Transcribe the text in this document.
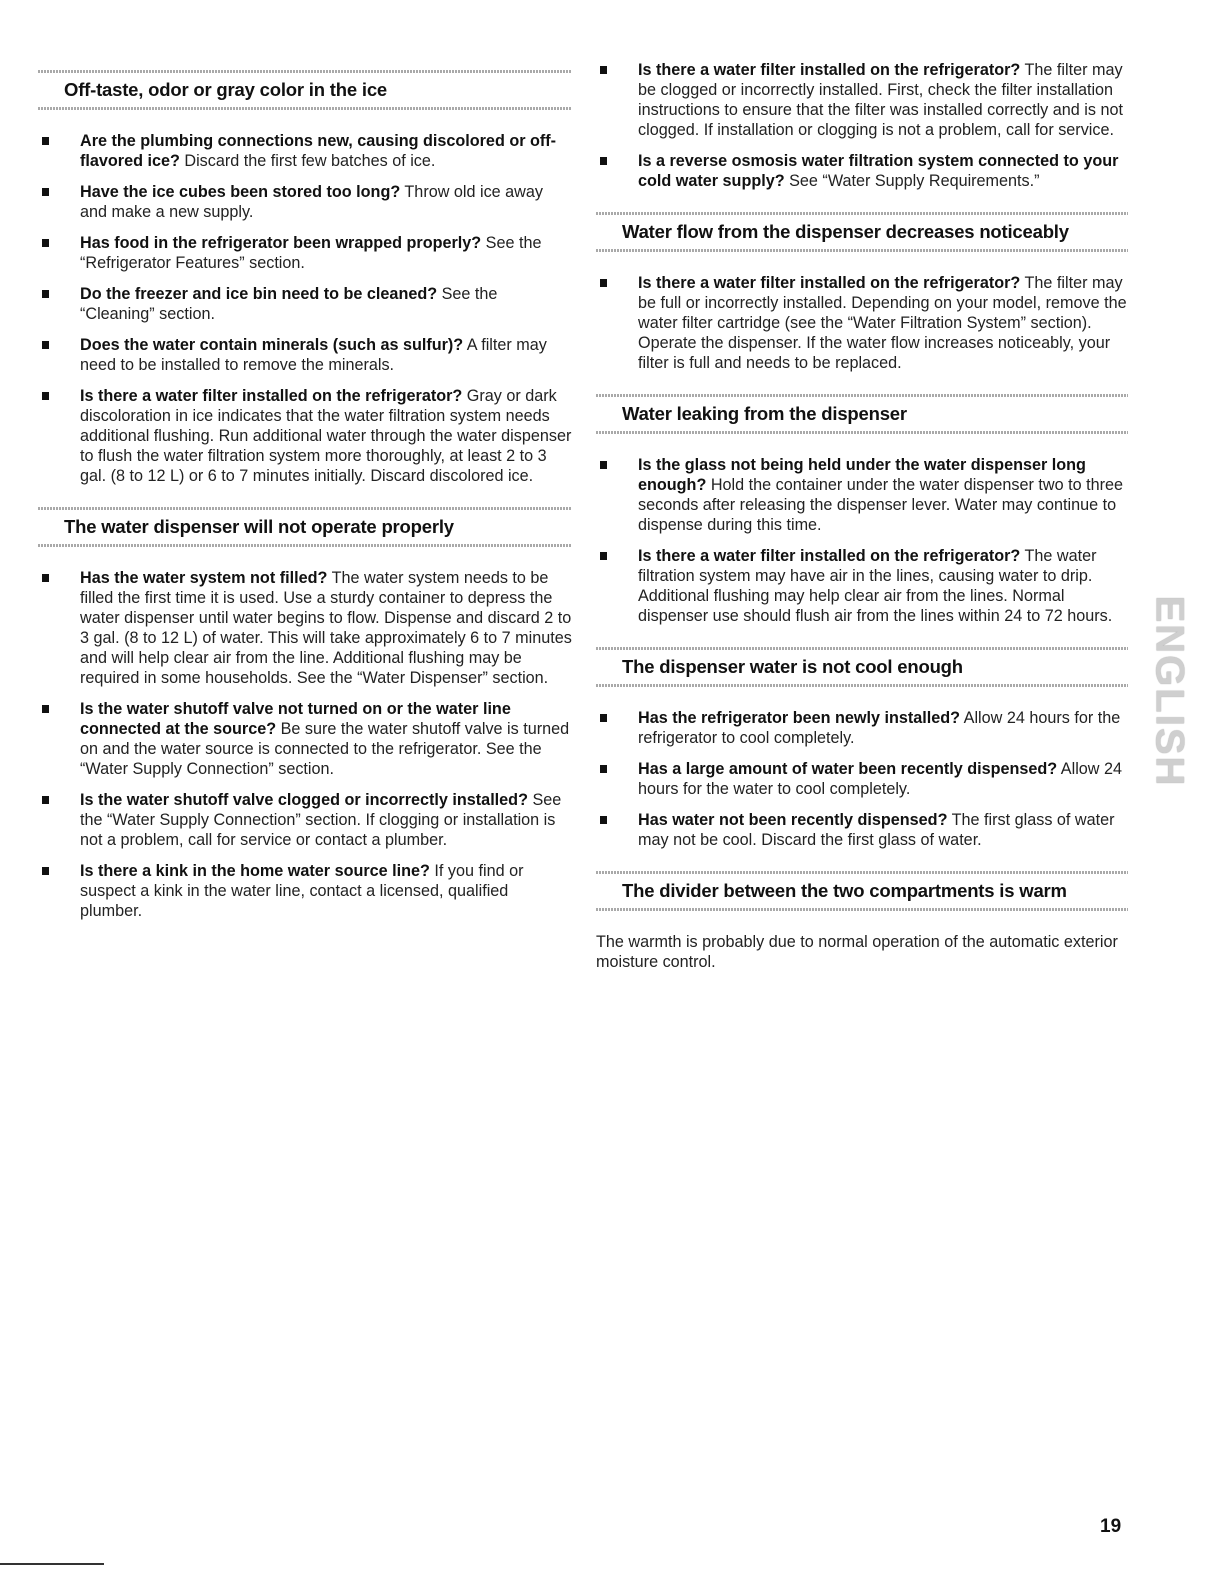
Off-taste, odor or gray color in the ice
Are the plumbing connections new, causing discolored or off-flavored ice? Discard the first few batches of ice.
Have the ice cubes been stored too long? Throw old ice away and make a new supply.
Has food in the refrigerator been wrapped properly? See the “Refrigerator Features” section.
Do the freezer and ice bin need to be cleaned? See the “Cleaning” section.
Does the water contain minerals (such as sulfur)? A filter may need to be installed to remove the minerals.
Is there a water filter installed on the refrigerator? Gray or dark discoloration in ice indicates that the water filtration system needs additional flushing. Run additional water through the water dispenser to flush the water filtration system more thoroughly, at least 2 to 3 gal. (8 to 12 L) or 6 to 7 minutes initially. Discard discolored ice.
The water dispenser will not operate properly
Has the water system not filled? The water system needs to be filled the first time it is used. Use a sturdy container to depress the water dispenser until water begins to flow. Dispense and discard 2 to 3 gal. (8 to 12 L) of water. This will take approximately 6 to 7 minutes and will help clear air from the line. Additional flushing may be required in some households. See the “Water Dispenser” section.
Is the water shutoff valve not turned on or the water line connected at the source? Be sure the water shutoff valve is turned on and the water source is connected to the refrigerator. See the “Water Supply Connection” section.
Is the water shutoff valve clogged or incorrectly installed? See the “Water Supply Connection” section. If clogging or installation is not a problem, call for service or contact a plumber.
Is there a kink in the home water source line? If you find or suspect a kink in the water line, contact a licensed, qualified plumber.
Is there a water filter installed on the refrigerator? The filter may be clogged or incorrectly installed. First, check the filter installation instructions to ensure that the filter was installed correctly and is not clogged. If installation or clogging is not a problem, call for service.
Is a reverse osmosis water filtration system connected to your cold water supply? See “Water Supply Requirements.”
Water flow from the dispenser decreases noticeably
Is there a water filter installed on the refrigerator? The filter may be full or incorrectly installed. Depending on your model, remove the water filter cartridge (see the “Water Filtration System” section). Operate the dispenser. If the water flow increases noticeably, your filter is full and needs to be replaced.
Water leaking from the dispenser
Is the glass not being held under the water dispenser long enough? Hold the container under the water dispenser two to three seconds after releasing the dispenser lever. Water may continue to dispense during this time.
Is there a water filter installed on the refrigerator? The water filtration system may have air in the lines, causing water to drip. Additional flushing may help clear air from the lines. Normal dispenser use should flush air from the lines within 24 to 72 hours.
The dispenser water is not cool enough
Has the refrigerator been newly installed? Allow 24 hours for the refrigerator to cool completely.
Has a large amount of water been recently dispensed? Allow 24 hours for the water to cool completely.
Has water not been recently dispensed? The first glass of water may not be cool. Discard the first glass of water.
The divider between the two compartments is warm

The warmth is probably due to normal operation of the automatic exterior moisture control.

ENGLISH
19
